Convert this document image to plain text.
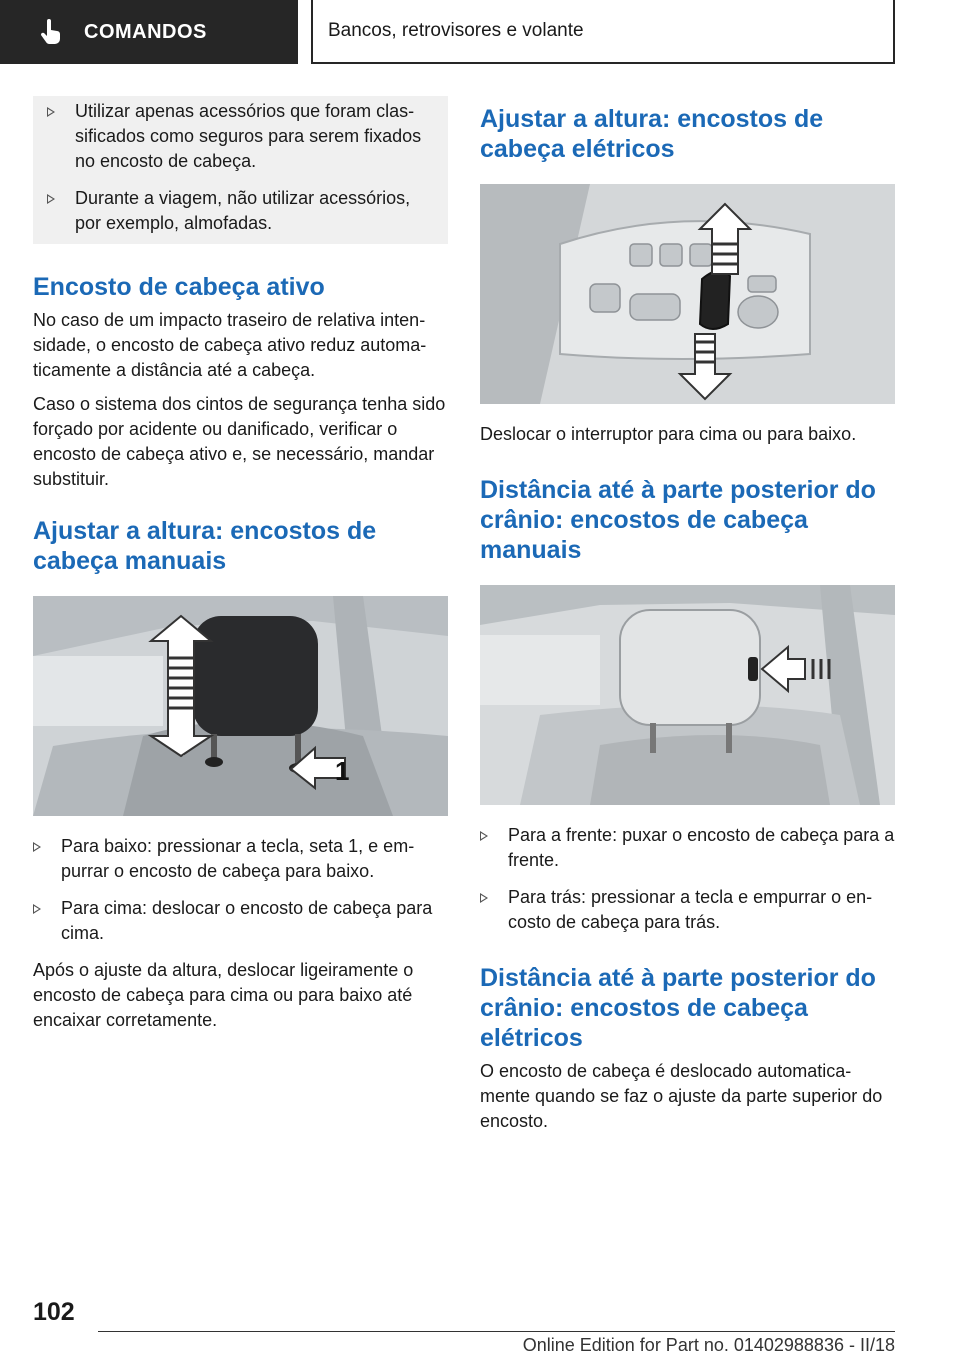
COMANDOS	Bancos, retrovisores e volante
Utilizar apenas acessórios que foram classificados como seguros para serem fixados no encosto de cabeça.
Durante a viagem, não utilizar acessórios, por exemplo, almofadas.
Encosto de cabeça ativo

No caso de um impacto traseiro de relativa intensidade, o encosto de cabeça ativo reduz automaticamente a distância até a cabeça.

Caso o sistema dos cintos de segurança tenha sido forçado por acidente ou danificado, verificar o encosto de cabeça ativo e, se necessário, mandar substituir.

Ajustar a altura: encostos de cabeça manuais
1
Para baixo: pressionar a tecla, seta 1, e empurrar o encosto de cabeça para baixo.
Para cima: deslocar o encosto de cabeça para cima.

Após o ajuste da altura, deslocar ligeiramente o encosto de cabeça para cima ou para baixo até encaixar corretamente.

Ajustar a altura: encostos de cabeça elétricos

Deslocar o interruptor para cima ou para baixo.

Distância até à parte posterior do crânio: encostos de cabeça manuais
Para a frente: puxar o encosto de cabeça para a frente.
Para trás: pressionar a tecla e empurrar o encosto de cabeça para trás.
Distância até à parte posterior do crânio: encostos de cabeça elétricos

O encosto de cabeça é deslocado automaticamente quando se faz o ajuste da parte superior do encosto.

102
Online Edition for Part no. 01402988836 - II/18
